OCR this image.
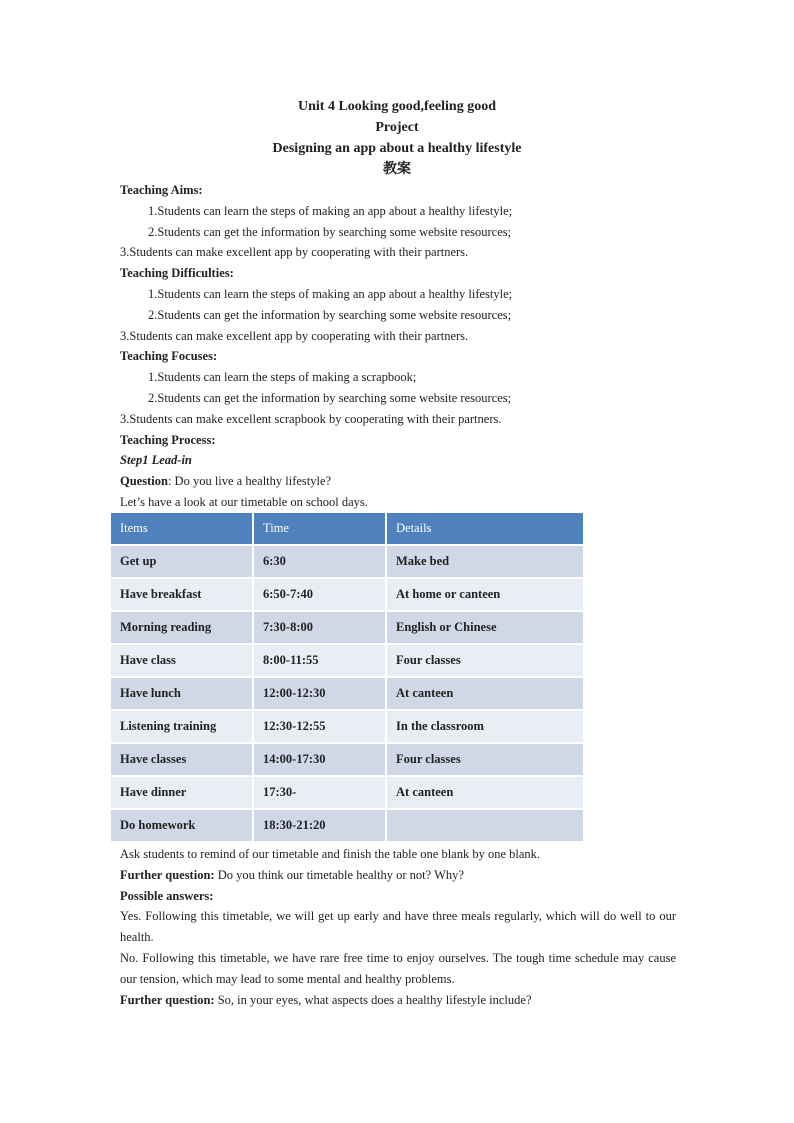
Unit 4 Looking good,feeling good
Project
Designing an app about a healthy lifestyle
教案
Teaching Aims:
1.Students can learn the steps of making an app about a healthy lifestyle;
2.Students can get the information by searching some website resources;
3.Students can make excellent app by cooperating with their partners.
Teaching Difficulties:
1.Students can learn the steps of making an app about a healthy lifestyle;
2.Students can get the information by searching some website resources;
3.Students can make excellent app by cooperating with their partners.
Teaching Focuses:
1.Students can learn the steps of making a scrapbook;
2.Students can get the information by searching some website resources;
3.Students can make excellent scrapbook by cooperating with their partners.
Teaching Process:
Step1 Lead-in
Question: Do you live a healthy lifestyle?
Let’s have a look at our timetable on school days.
Items	Time	Details
Get up	6:30	Make bed
Have breakfast	6:50-7:40	At home or canteen
Morning reading	7:30-8:00	English or Chinese
Have class	8:00-11:55	Four classes
Have lunch	12:00-12:30	At canteen
Listening training	12:30-12:55	In the classroom
Have classes	14:00-17:30	Four classes
Have dinner	17:30-	At canteen
Do homework	18:30-21:20	
Ask students to remind of our timetable and finish the table one blank by one blank.
Further question: Do you think our timetable healthy or not? Why?
Possible answers:
Yes. Following this timetable, we will get up early and have three meals regularly, which will do well to our health.
No. Following this timetable, we have rare free time to enjoy ourselves. The tough time schedule may cause our tension, which may lead to some mental and healthy problems.
Further question: So, in your eyes, what aspects does a healthy lifestyle include?
